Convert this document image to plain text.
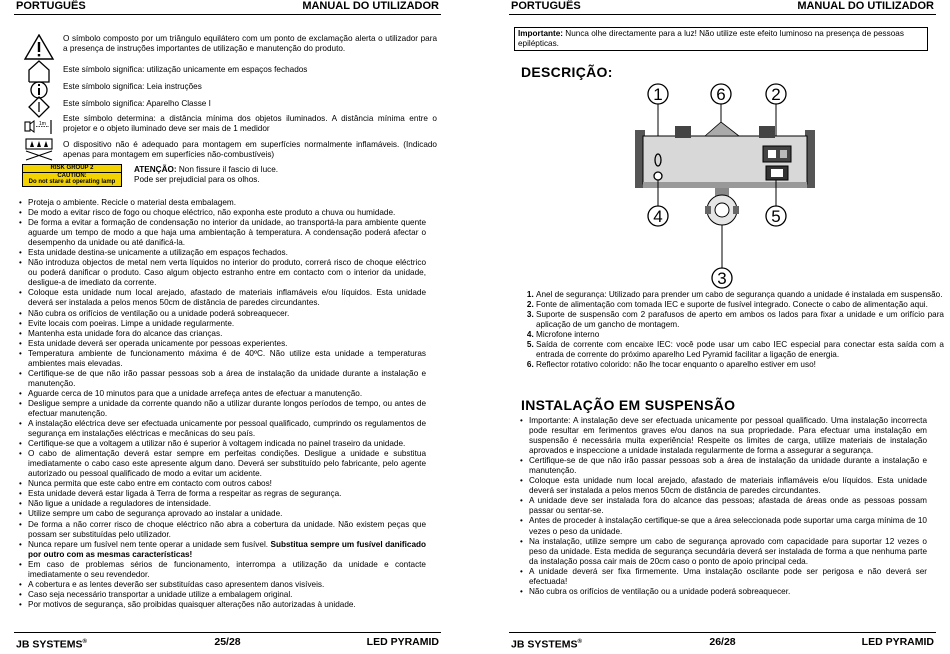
PORTUGUÊS	MANUAL DO UTILIZADOR
O símbolo composto por um triângulo equilátero com um ponto de exclamação alerta o utilizador para a presença de instruções importantes de utilização e manutenção do produto.
Este símbolo significa: utilização unicamente em espaços fechados
Este símbolo significa: Leia instruções
Este símbolo significa: Aparelho Classe I
1m
Este símbolo determina: a distância mínima dos objetos iluminados. A distância mínima entre o projetor e o objeto iluminado deve ser mais de 1 medidor
O dispositivo não é adequado para montagem em superfícies normalmente inflamáveis. (Indicado apenas para montagem em superfícies não-combustíveis)
RISK GROUP 2
CAUTION:
Do not stare at operating lamp
ATENÇÃO: Non fissure il fascio di luce.
Pode ser prejudicial para os olhos.
• Proteja o ambiente. Recicle o material desta embalagem.
• De modo a evitar risco de fogo ou choque eléctrico, não exponha este produto a chuva ou humidade.
• De forma a evitar a formação de condensação no interior da unidade, ao transportá-la para ambiente quente aguarde um tempo de modo a que haja uma ambientação à temperatura. A condensação poderá afectar o desempenho da unidade ou até danificá-la.
• Esta unidade destina-se unicamente a utilização em espaços fechados.
• Não introduza objectos de metal nem verta líquidos no interior do produto, correrá risco de choque eléctrico ou poderá danificar o produto. Caso algum objecto estranho entre em contacto com o interior da unidade, desligue-a de imediato da corrente.
• Coloque esta unidade num local arejado, afastado de materiais inflamáveis e/ou líquidos. Esta unidade deverá ser instalada a pelos menos 50cm de distância de paredes circundantes.
• Não cubra os orifícios de ventilação ou a unidade poderá sobreaquecer.
• Evite locais com poeiras. Limpe a unidade regularmente.
• Mantenha esta unidade fora do alcance das crianças.
• Esta unidade deverá ser operada unicamente por pessoas experientes.
• Temperatura ambiente de funcionamento máxima é de 40ºC. Não utilize esta unidade a temperaturas ambientes mais elevadas.
• Certifique-se de que não irão passar pessoas sob a área de instalação da unidade durante a instalação e manutenção.
• Aguarde cerca de 10 minutos para que a unidade arrefeça antes de efectuar a manutenção.
• Desligue sempre a unidade da corrente quando não a utilizar durante longos períodos de tempo, ou antes de efectuar manutenção.
• A instalação eléctrica deve ser efectuada unicamente por pessoal qualificado, cumprindo os regulamentos de segurança em instalações eléctricas e mecânicas do seu país.
• Certifique-se que a voltagem a utilizar não é superior à voltagem indicada no painel traseiro da unidade.
• O cabo de alimentação deverá estar sempre em perfeitas condições. Desligue a unidade e substitua imediatamente o cabo caso este apresente algum dano. Deverá ser substituído pelo fabricante, pelo agente autorizado ou pessoal qualificado de modo a evitar um acidente.
• Nunca permita que este cabo entre em contacto com outros cabos!
• Esta unidade deverá estar ligada à Terra de forma a respeitar as regras de segurança.
• Não ligue a unidade a reguladores de intensidade.
• Utilize sempre um cabo de segurança aprovado ao instalar a unidade.
• De forma a não correr risco de choque eléctrico não abra a cobertura da unidade. Não existem peças que possam ser substituídas pelo utilizador.
• Nunca repare um fusível nem tente operar a unidade sem fusível. Substitua sempre um fusível danificado por outro com as mesmas características!
• Em caso de problemas sérios de funcionamento, interrompa a utilização da unidade e contacte imediatamente o seu revendedor.
• A cobertura e as lentes deverão ser substituídas caso apresentem danos visíveis.
• Caso seja necessário transportar a unidade utilize a embalagem original.
• Por motivos de segurança, são proibidas quaisquer alterações não autorizadas à unidade.
JB SYSTEMS®	25/28	LED PYRAMID
PORTUGUÊS	MANUAL DO UTILIZADOR
Importante: Nunca olhe directamente para a luz! Não utilize este efeito luminoso na presença de pessoas epilépticas.
DESCRIÇÃO:
1	6	2
4	5
3
1. Anel de segurança: Utilizado para prender um cabo de segurança quando a unidade é instalada em suspensão.
2. Fonte de alimentação com tomada IEC e suporte de fusível integrado. Conecte o cabo de alimentação aqui.
3. Suporte de suspensão com 2 parafusos de aperto em ambos os lados para fixar a unidade e um orifício para aplicação de um gancho de montagem.
4. Microfone interno
5. Saída de corrente com encaixe IEC: você pode usar um cabo IEC especial para conectar esta saída com a entrada de corrente do próximo aparelho Led Pyramid facilitar a ligação de energia.
6. Reflector rotativo colorido: não lhe tocar enquanto o aparelho estiver em uso!
INSTALAÇÃO EM SUSPENSÃO
• Importante: A instalação deve ser efectuada unicamente por pessoal qualificado. Uma instalação incorrecta pode resultar em ferimentos graves e/ou danos na sua propriedade. Para efectuar uma instalação em suspensão é necessária muita experiência! Respeite os limites de carga, utilize materiais de instalação aprovados e inspeccione a unidade instalada regularmente de forma a assegurar a segurança.
• Certifique-se de que não irão passar pessoas sob a área de instalação da unidade durante a instalação e manutenção.
• Coloque esta unidade num local arejado, afastado de materiais inflamáveis e/ou líquidos. Esta unidade deverá ser instalada a pelos menos 50cm de distância de paredes circundantes.
• A unidade deve ser instalada fora do alcance das pessoas; afastada de áreas onde as pessoas possam passar ou sentar-se.
• Antes de proceder à instalação certifique-se que a área seleccionada pode suportar uma carga mínima de 10 vezes o peso da unidade.
• Na instalação, utilize sempre um cabo de segurança aprovado com capacidade para suportar 12 vezes o peso da unidade. Esta medida de segurança secundária deverá ser instalada de forma a que nenhuma parte da instalação possa cair mais de 20cm caso o ponto de apoio principal ceda.
• A unidade deverá ser fixa firmemente. Uma instalação oscilante pode ser perigosa e não deverá ser efectuada!
• Não cubra os orifícios de ventilação ou a unidade poderá sobreaquecer.
JB SYSTEMS®	26/28	LED PYRAMID
